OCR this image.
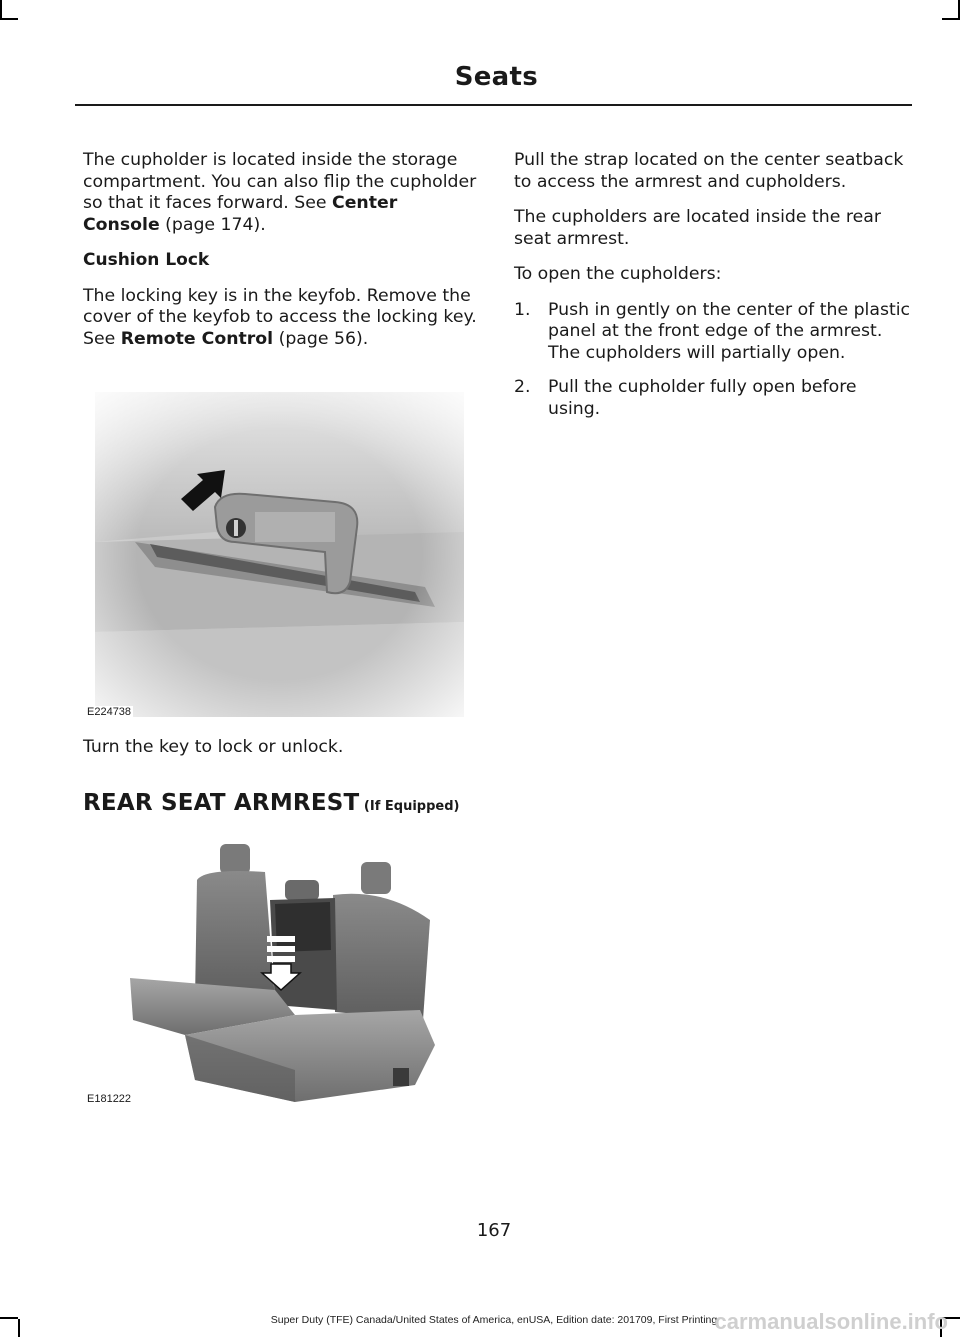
Seats

The cupholder is located inside the storage compartment. You can also flip the cupholder so that it faces forward. See Center Console (page 174).

Cushion Lock

The locking key is in the keyfob. Remove the cover of the keyfob to access the locking key. See Remote Control (page 56).

E224738

Turn the key to lock or unlock.

REAR SEAT ARMREST (If Equipped)
E181222

Pull the strap located on the center seatback to access the armrest and cupholders.

The cupholders are located inside the rear seat armrest.

To open the cupholders:

1. Push in gently on the center of the plastic panel at the front edge of the armrest. The cupholders will partially open.
2. Pull the cupholder fully open before using.
167
Super Duty (TFE) Canada/United States of America, enUSA, Edition date: 201709, First Printing
carmanualsonline.info
